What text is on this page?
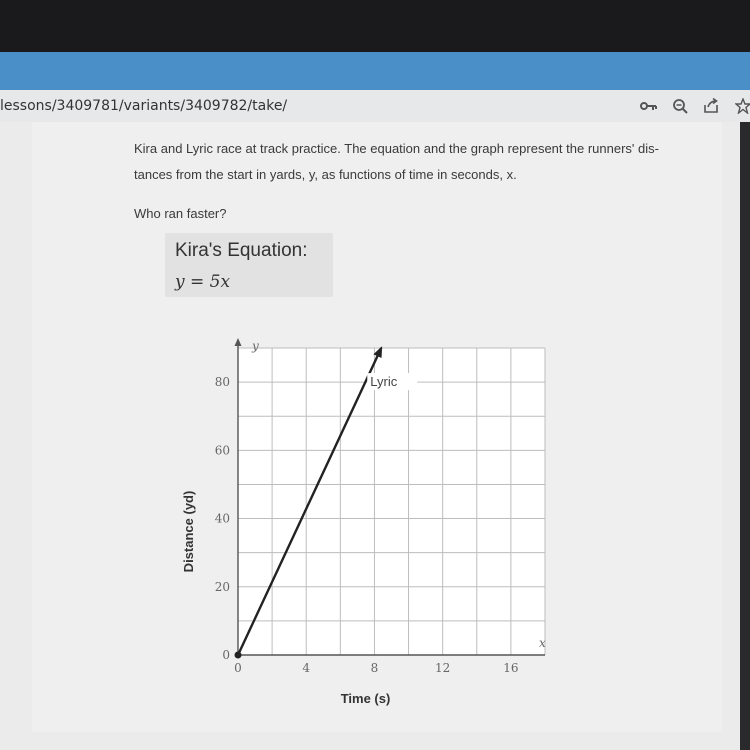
lessons/3409781/variants/3409782/take/
Kira and Lyric race at track practice. The equation and the graph represent the runners' dis-
tances from the start in yards, y, as functions of time in seconds, x.
Who ran faster?
Kira's Equation:
y = 5x
y
x
0	4	8	12	16
0
20
40
60
80
Time (s)
Distance (yd)
Lyric
